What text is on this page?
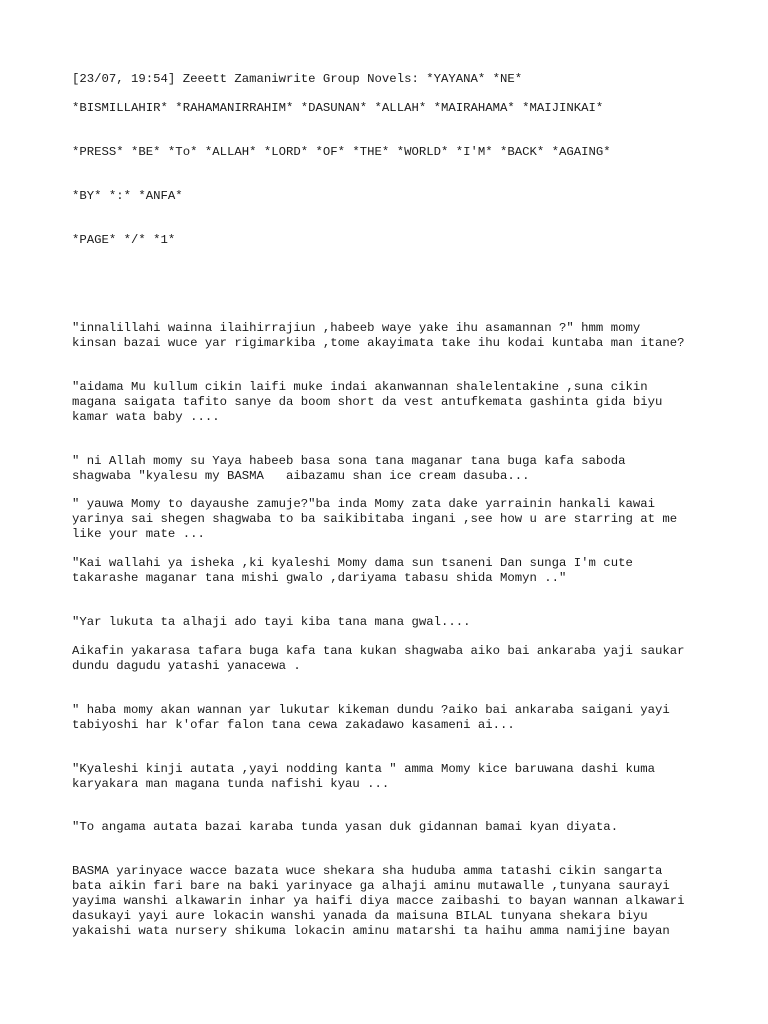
[23/07, 19:54] Zeeett Zamaniwrite Group Novels: *YAYANA* *NE*

*BISMILLAHIR* *RAHAMANIRRAHIM* *DASUNAN* *ALLAH* *MAIRAHAMA* *MAIJINKAI*

*PRESS* *BE* *To* *ALLAH* *LORD* *OF* *THE* *WORLD* *I'M* *BACK* *AGAING*

*BY* *:* *ANFA*

*PAGE* */* *1*

"innalillahi wainna ilaihirrajiun ,habeeb waye yake ihu asamannan ?" hmm momy
kinsan bazai wuce yar rigimarkiba ,tome akayimata take ihu kodai kuntaba man itane?

"aidama Mu kullum cikin laifi muke indai akanwannan shalelentakine ,suna cikin
magana saigata tafito sanye da boom short da vest antufkemata gashinta gida biyu
kamar wata baby ....

" ni Allah momy su Yaya habeeb basa sona tana maganar tana buga kafa saboda
shagwaba "kyalesu my BASMA   aibazamu shan ice cream dasuba...

" yauwa Momy to dayaushe zamuje?"ba inda Momy zata dake yarrainin hankali kawai
yarinya sai shegen shagwaba to ba saikibitaba ingani ,see how u are starring at me
like your mate ...

"Kai wallahi ya isheka ,ki kyaleshi Momy dama sun tsaneni Dan sunga I'm cute
takarashe maganar tana mishi gwalo ,dariyama tabasu shida Momyn .."

"Yar lukuta ta alhaji ado tayi kiba tana mana gwal....

Aikafin yakarasa tafara buga kafa tana kukan shagwaba aiko bai ankaraba yaji saukar
dundu dagudu yatashi yanacewa .

" haba momy akan wannan yar lukutar kikeman dundu ?aiko bai ankaraba saigani yayi
tabiyoshi har k'ofar falon tana cewa zakadawo kasameni ai...

"Kyaleshi kinji autata ,yayi nodding kanta " amma Momy kice baruwana dashi kuma
karyakara man magana tunda nafishi kyau ...

"To angama autata bazai karaba tunda yasan duk gidannan bamai kyan diyata.

BASMA yarinyace wacce bazata wuce shekara sha huduba amma tatashi cikin sangarta
bata aikin fari bare na baki yarinyace ga alhaji aminu mutawalle ,tunyana saurayi
yayima wanshi alkawarin inhar ya haifi diya macce zaibashi to bayan wannan alkawari
dasukayi yayi aure lokacin wanshi yanada da maisuna BILAL tunyana shekara biyu
yakaishi wata nursery shikuma lokacin aminu matarshi ta haihu amma namijine bayan
